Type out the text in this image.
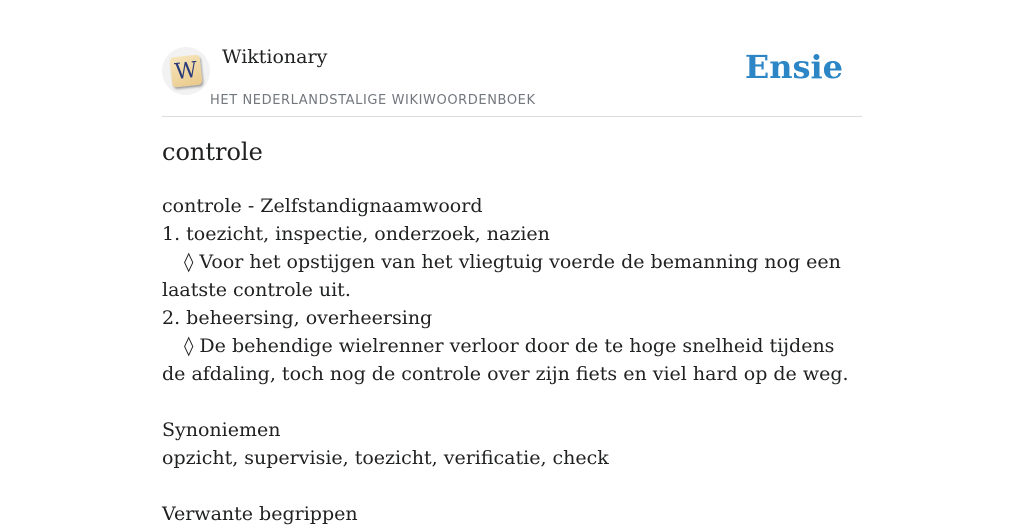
W
Wiktionary
HET NEDERLANDSTALIGE WIKIWOORDENBOEK
Ensie
controle
controle - Zelfstandignaamwoord
1. toezicht, inspectie, onderzoek, nazien
◊ Voor het opstijgen van het vliegtuig voerde de bemanning nog een laatste controle uit.
2. beheersing, overheersing
◊ De behendige wielrenner verloor door de te hoge snelheid tijdens de afdaling, toch nog de controle over zijn fiets en viel hard op de weg.
Synoniemen
opzicht, supervisie, toezicht, verificatie, check
Verwante begrippen
